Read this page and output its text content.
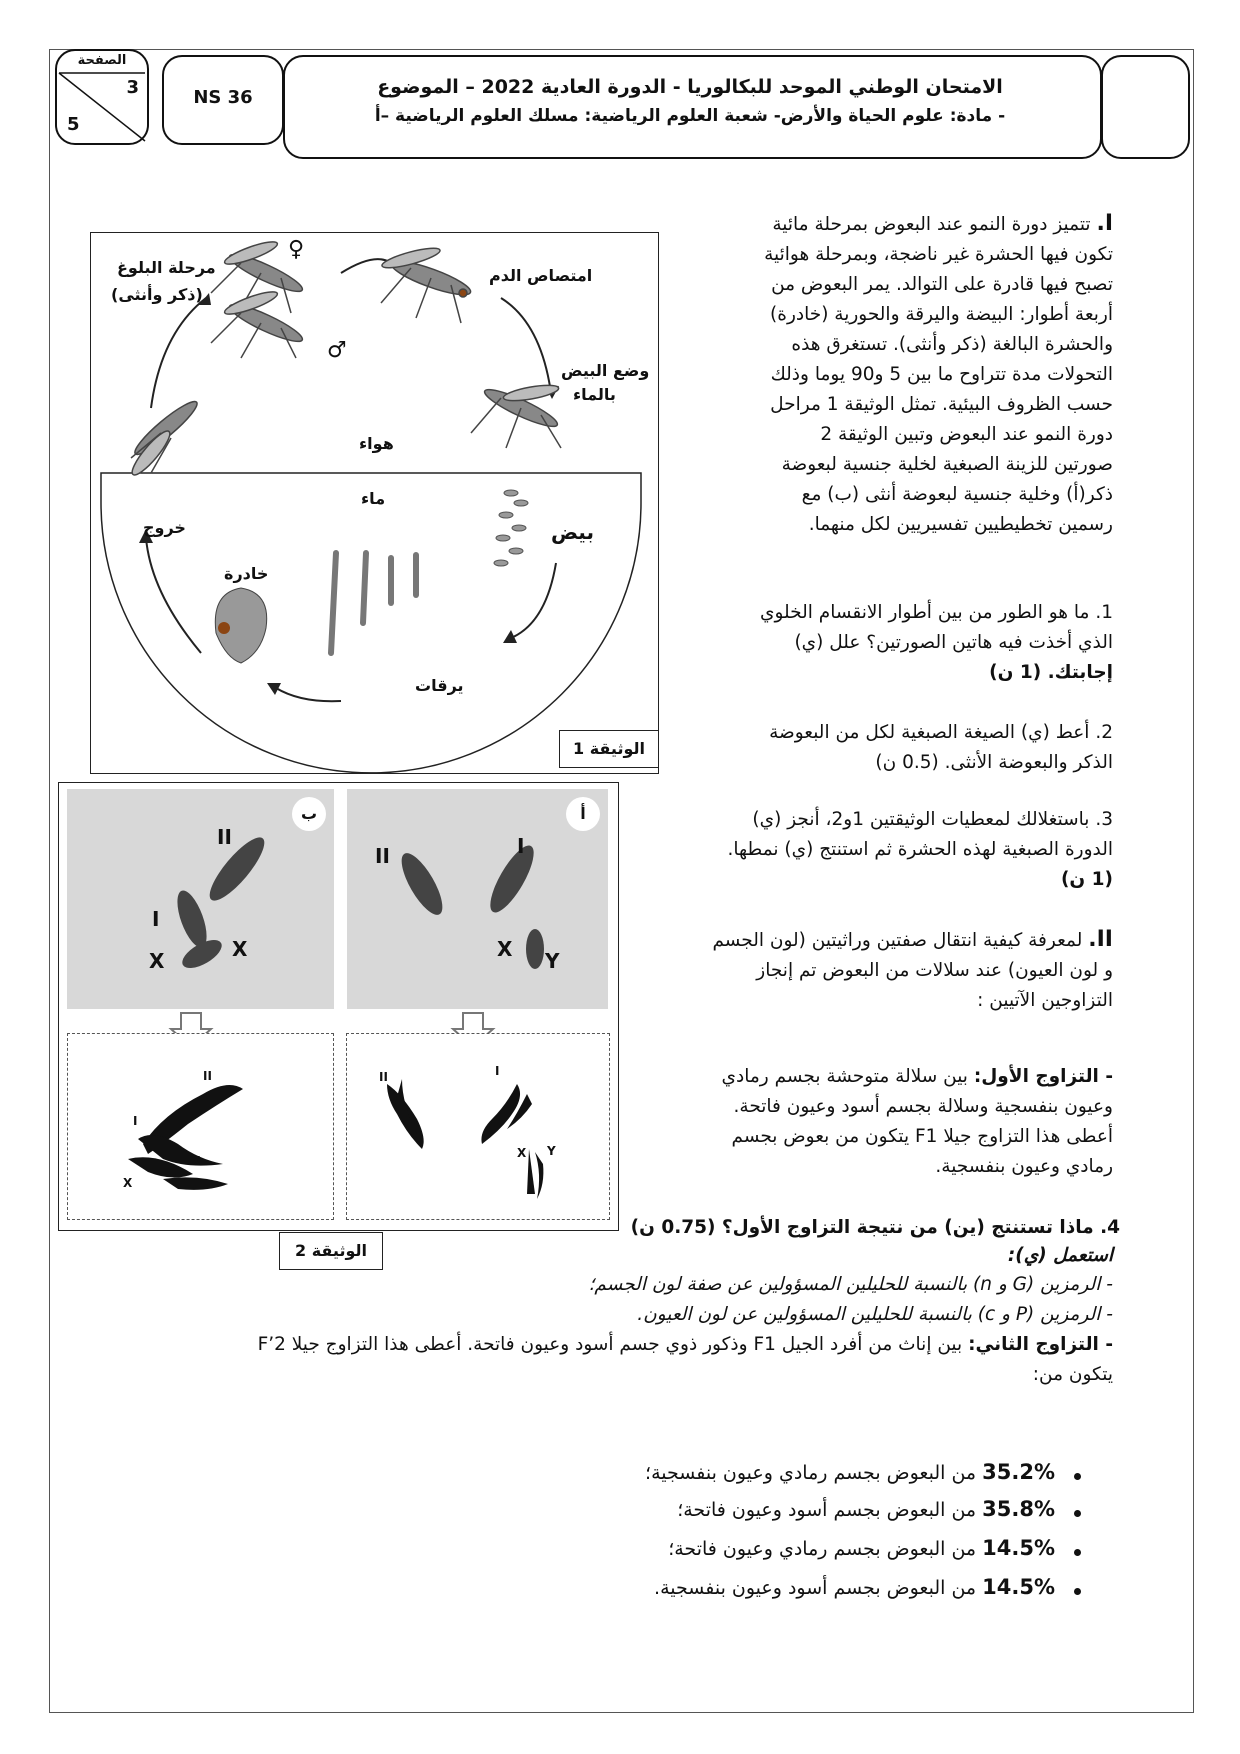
الصفحة
3
5
NS 36	الامتحان الوطني الموحد للبكالوريا - الدورة العادية 2022 – الموضوع
- مادة: علوم الحياة والأرض- شعبة العلوم الرياضية: مسلك العلوم الرياضية –أ
مرحلة البلوغ
(ذكر وأنثى)
♀
♂
امتصاص الدم
وضع البيض
بالماء
هواء
ماء
خروج	بيض
خادرة
يرقات
الوثيقة 1
ب
II
I
X	X
أ
II	I
X Y
II
I
X
X
II	I
X Y
الوثيقة 2
I. تتميز دورة النمو عند البعوض بمرحلة مائية
تكون فيها الحشرة غير ناضجة، وبمرحلة هوائية
تصبح فيها قادرة على التوالد. يمر البعوض من
أربعة أطوار: البيضة واليرقة والحورية (خادرة)
والحشرة البالغة (ذكر وأنثى). تستغرق هذه
التحولات مدة تتراوح ما بين 5 و90 يوما وذلك
حسب الظروف البيئية. تمثل الوثيقة 1 مراحل
دورة النمو عند البعوض وتبين الوثيقة 2
صورتين للزينة الصبغية لخلية جنسية لبعوضة
ذكر(أ) وخلية جنسية لبعوضة أنثى (ب) مع
رسمين تخطيطيين تفسيريين لكل منهما.
1. ما هو الطور من بين أطوار الانقسام الخلوي
الذي أخذت فيه هاتين الصورتين؟ علل (ي)
إجابتك. (1 ن)
2. أعط (ي) الصيغة الصبغية لكل من البعوضة
الذكر والبعوضة الأنثى. (0.5 ن)
3. باستغلالك لمعطيات الوثيقتين 1و2، أنجز (ي)
الدورة الصبغية لهذه الحشرة ثم استنتج (ي) نمطها.
(1 ن)
II. لمعرفة كيفية انتقال صفتين وراثيتين (لون الجسم
و لون العيون) عند سلالات من البعوض تم إنجاز
التزاوجين الآتيين :
- التزاوج الأول: بين سلالة متوحشة بجسم رمادي
وعيون بنفسجية وسلالة بجسم أسود وعيون فاتحة.
أعطى هذا التزاوج جيلا F1 يتكون من بعوض بجسم
رمادي وعيون بنفسجية.
4. ماذا تستنتج (ين) من نتيجة التزاوج الأول؟ (0.75 ن)
استعمل (ي):
- الرمزين (G و n) بالنسبة للحليلين المسؤولين عن صفة لون الجسم؛
- الرمزين (P و c) بالنسبة للحليلين المسؤولين عن لون العيون.
- التزاوج الثاني: بين إناث من أفرد الجيل F1 وذكور ذوي جسم أسود وعيون فاتحة. أعطى هذا التزاوج جيلا F’2
يتكون من:
35.2% من البعوض بجسم رمادي وعيون بنفسجية؛
35.8% من البعوض بجسم أسود وعيون فاتحة؛
14.5% من البعوض بجسم رمادي وعيون فاتحة؛
14.5% من البعوض بجسم أسود وعيون بنفسجية.
